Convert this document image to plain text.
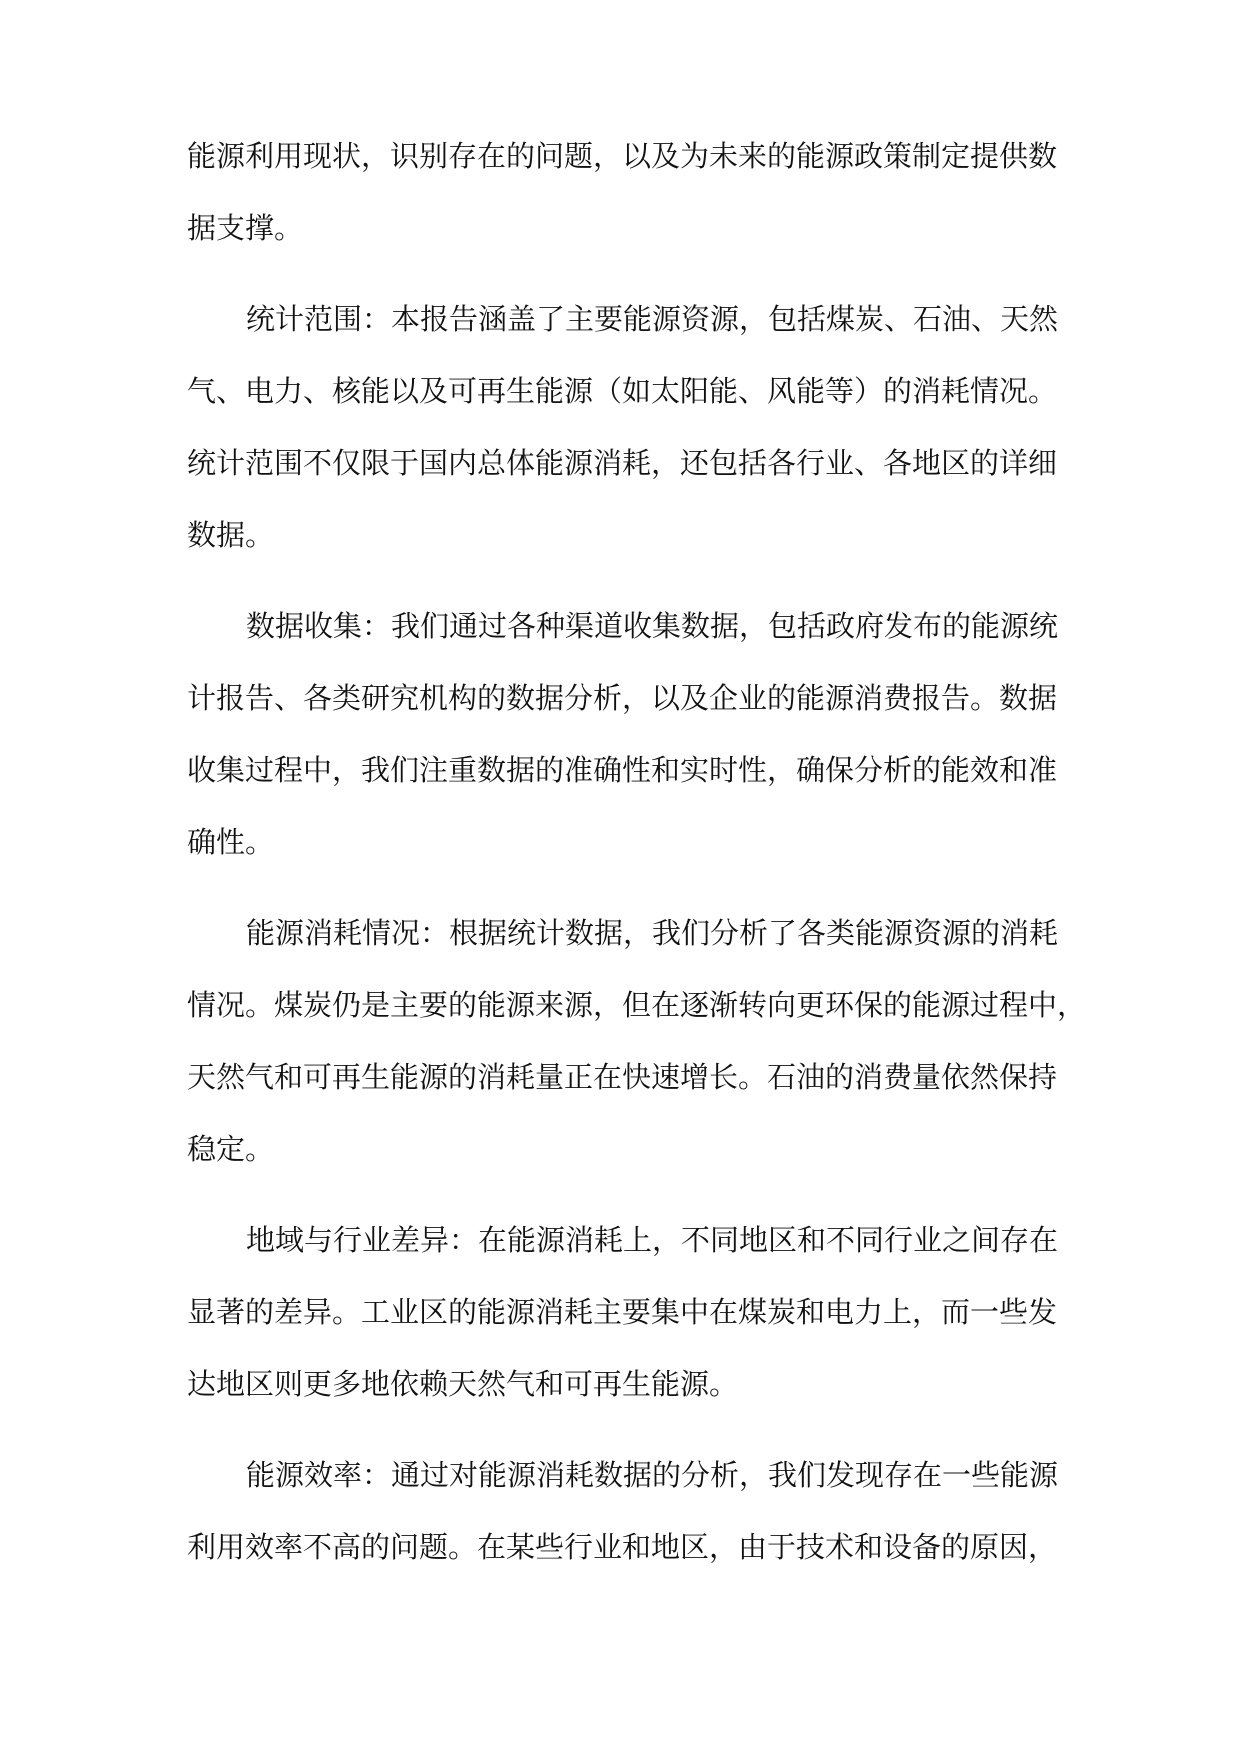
能源利用现状，识别存在的问题，以及为未来的能源政策制定提供数
据支撑。
统计范围：本报告涵盖了主要能源资源，包括煤炭、石油、天然
气、电力、核能以及可再生能源（如太阳能、风能等）的消耗情况。
统计范围不仅限于国内总体能源消耗，还包括各行业、各地区的详细
数据。
数据收集：我们通过各种渠道收集数据，包括政府发布的能源统
计报告、各类研究机构的数据分析，以及企业的能源消费报告。数据
收集过程中，我们注重数据的准确性和实时性，确保分析的能效和准
确性。
能源消耗情况：根据统计数据，我们分析了各类能源资源的消耗
情况。煤炭仍是主要的能源来源，但在逐渐转向更环保的能源过程中，
天然气和可再生能源的消耗量正在快速增长。石油的消费量依然保持
稳定。
地域与行业差异：在能源消耗上，不同地区和不同行业之间存在
显著的差异。工业区的能源消耗主要集中在煤炭和电力上，而一些发
达地区则更多地依赖天然气和可再生能源。
能源效率：通过对能源消耗数据的分析，我们发现存在一些能源
利用效率不高的问题。在某些行业和地区，由于技术和设备的原因，
